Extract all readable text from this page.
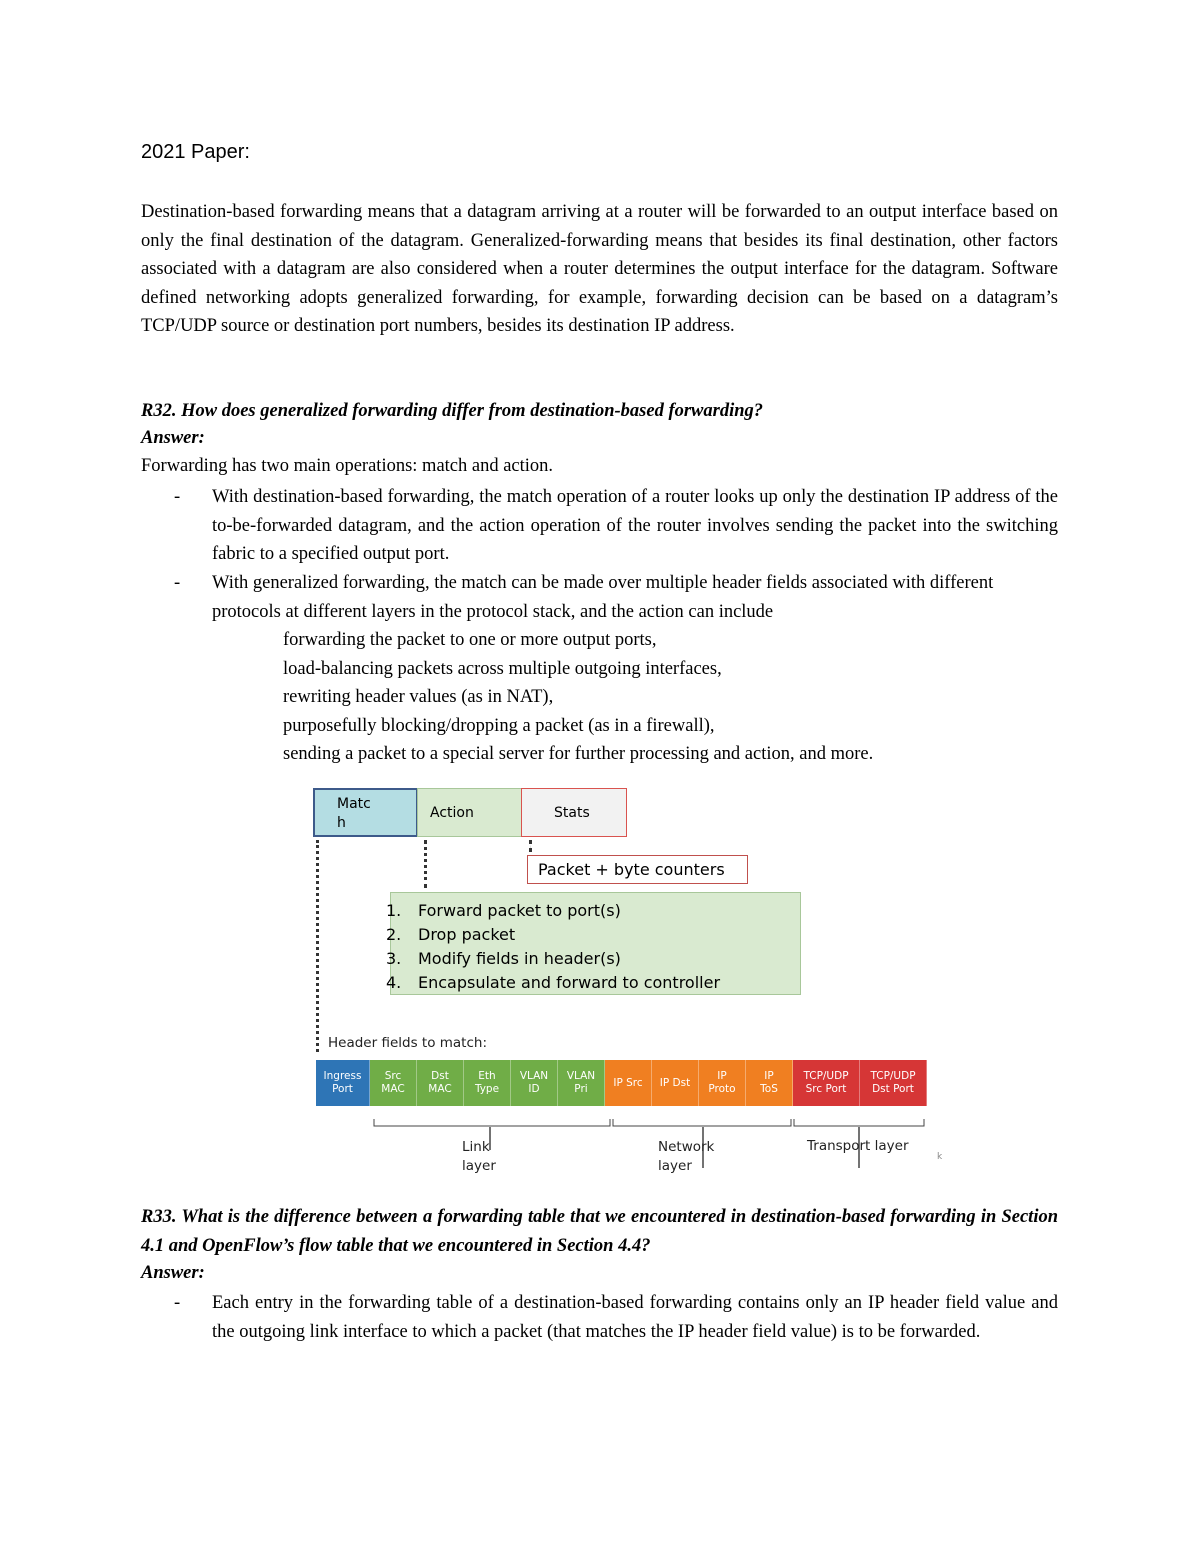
2021 Paper:
Destination-based forwarding means that a datagram arriving at a router will be forwarded to an output interface based on only the final destination of the datagram. Generalized-forwarding means that besides its final destination, other factors associated with a datagram are also considered when a router determines the output interface for the datagram. Software defined networking adopts generalized forwarding, for example, forwarding decision can be based on a datagram’s TCP/UDP source or destination port numbers, besides its destination IP address.
R32. How does generalized forwarding differ from destination-based forwarding?
Answer:
Forwarding has two main operations: match and action.
- With destination-based forwarding, the match operation of a router looks up only the destination IP address of the to-be-forwarded datagram, and the action operation of the router involves sending the packet into the switching fabric to a specified output port.
- With generalized forwarding, the match can be made over multiple header fields associated with different protocols at different layers in the protocol stack, and the action can include
forwarding the packet to one or more output ports,
load-balancing packets across multiple outgoing interfaces,
rewriting header values (as in NAT),
purposefully blocking/dropping a packet (as in a firewall),
sending a packet to a special server for further processing and action, and more.
Matc
h
Action	Stats
Packet + byte counters
1. Forward packet to port(s)
2. Drop packet
3. Modify fields in header(s)
4. Encapsulate and forward to controller
Header fields to match:
Ingress
Port
Src
MAC
Dst
MAC
Eth
Type
VLAN
ID
VLAN
Pri
IP Src IP Dst
IP
Proto
IP
ToS
TCP/UDP
Src Port
TCP/UDP
Dst Port
Link
layer
Network
layer
Transport layer
k
R33. What is the difference between a forwarding table that we encountered in destination-based forwarding in Section 4.1 and OpenFlow’s flow table that we encountered in Section 4.4?
Answer:
- Each entry in the forwarding table of a destination-based forwarding contains only an IP header field value and the outgoing link interface to which a packet (that matches the IP header field value) is to be forwarded.
